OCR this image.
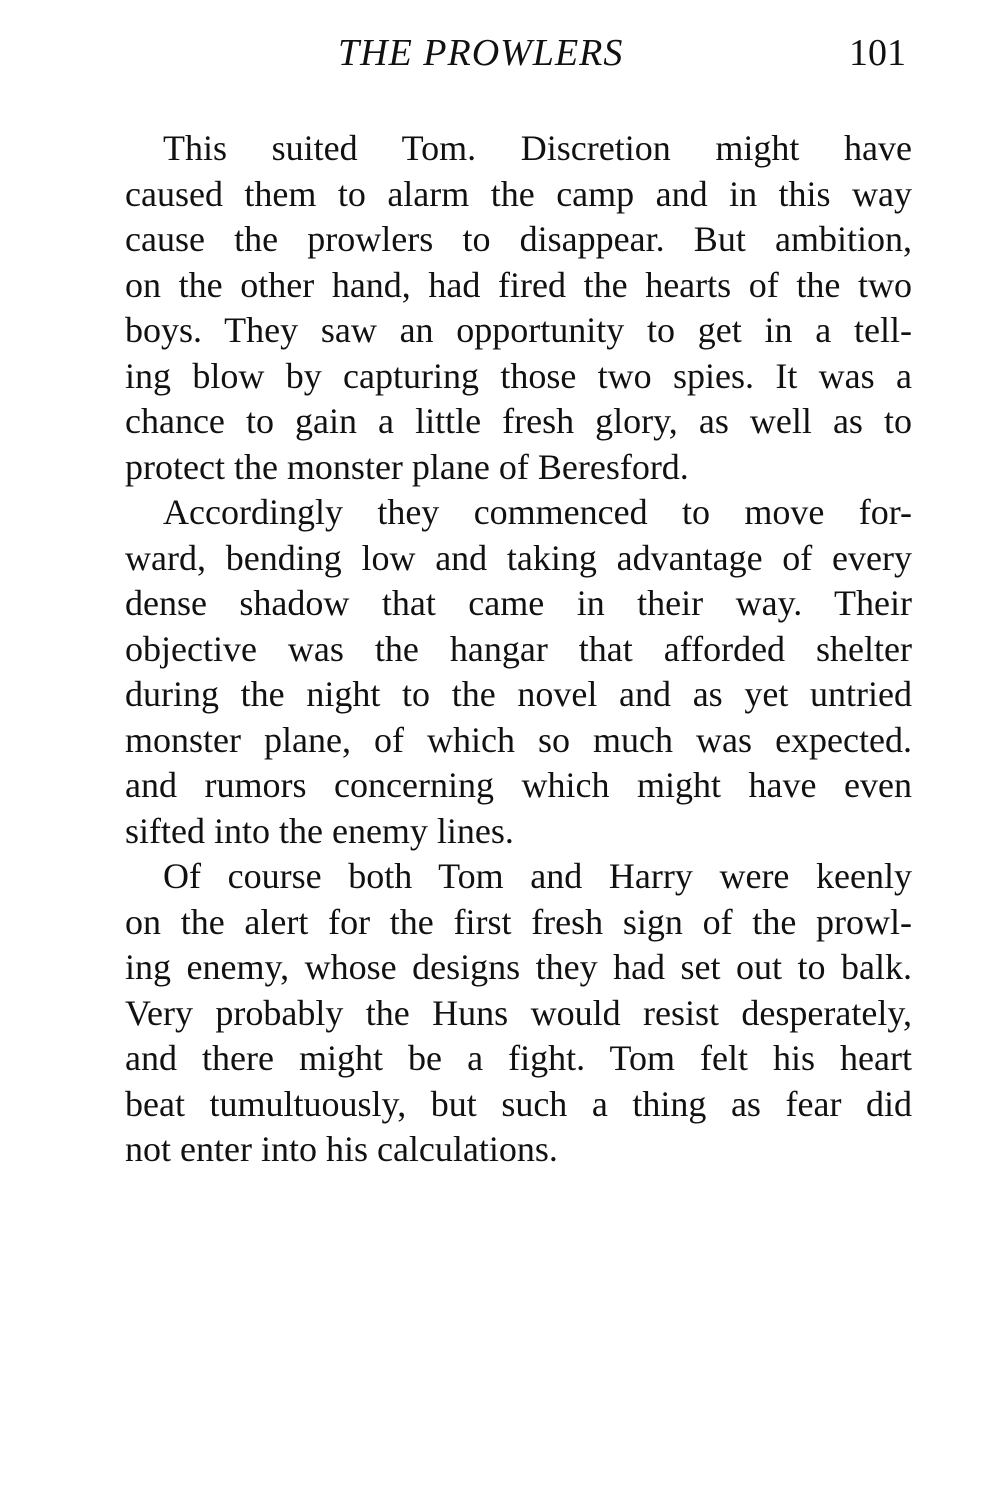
THE PROWLERS	101
This suited Tom. Discretion might have
caused them to alarm the camp and in this way
cause the prowlers to disappear. But ambition,
on the other hand, had fired the hearts of the two
boys. They saw an opportunity to get in a tell-
ing blow by capturing those two spies. It was a
chance to gain a little fresh glory, as well as to
protect the monster plane of Beresford.
Accordingly they commenced to move for-
ward, bending low and taking advantage of every
dense shadow that came in their way. Their
objective was the hangar that afforded shelter
during the night to the novel and as yet untried
monster plane, of which so much was expected.
and rumors concerning which might have even
sifted into the enemy lines.
Of course both Tom and Harry were keenly
on the alert for the first fresh sign of the prowl-
ing enemy, whose designs they had set out to balk.
Very probably the Huns would resist desperately,
and there might be a fight. Tom felt his heart
beat tumultuously, but such a thing as fear did
not enter into his calculations.
